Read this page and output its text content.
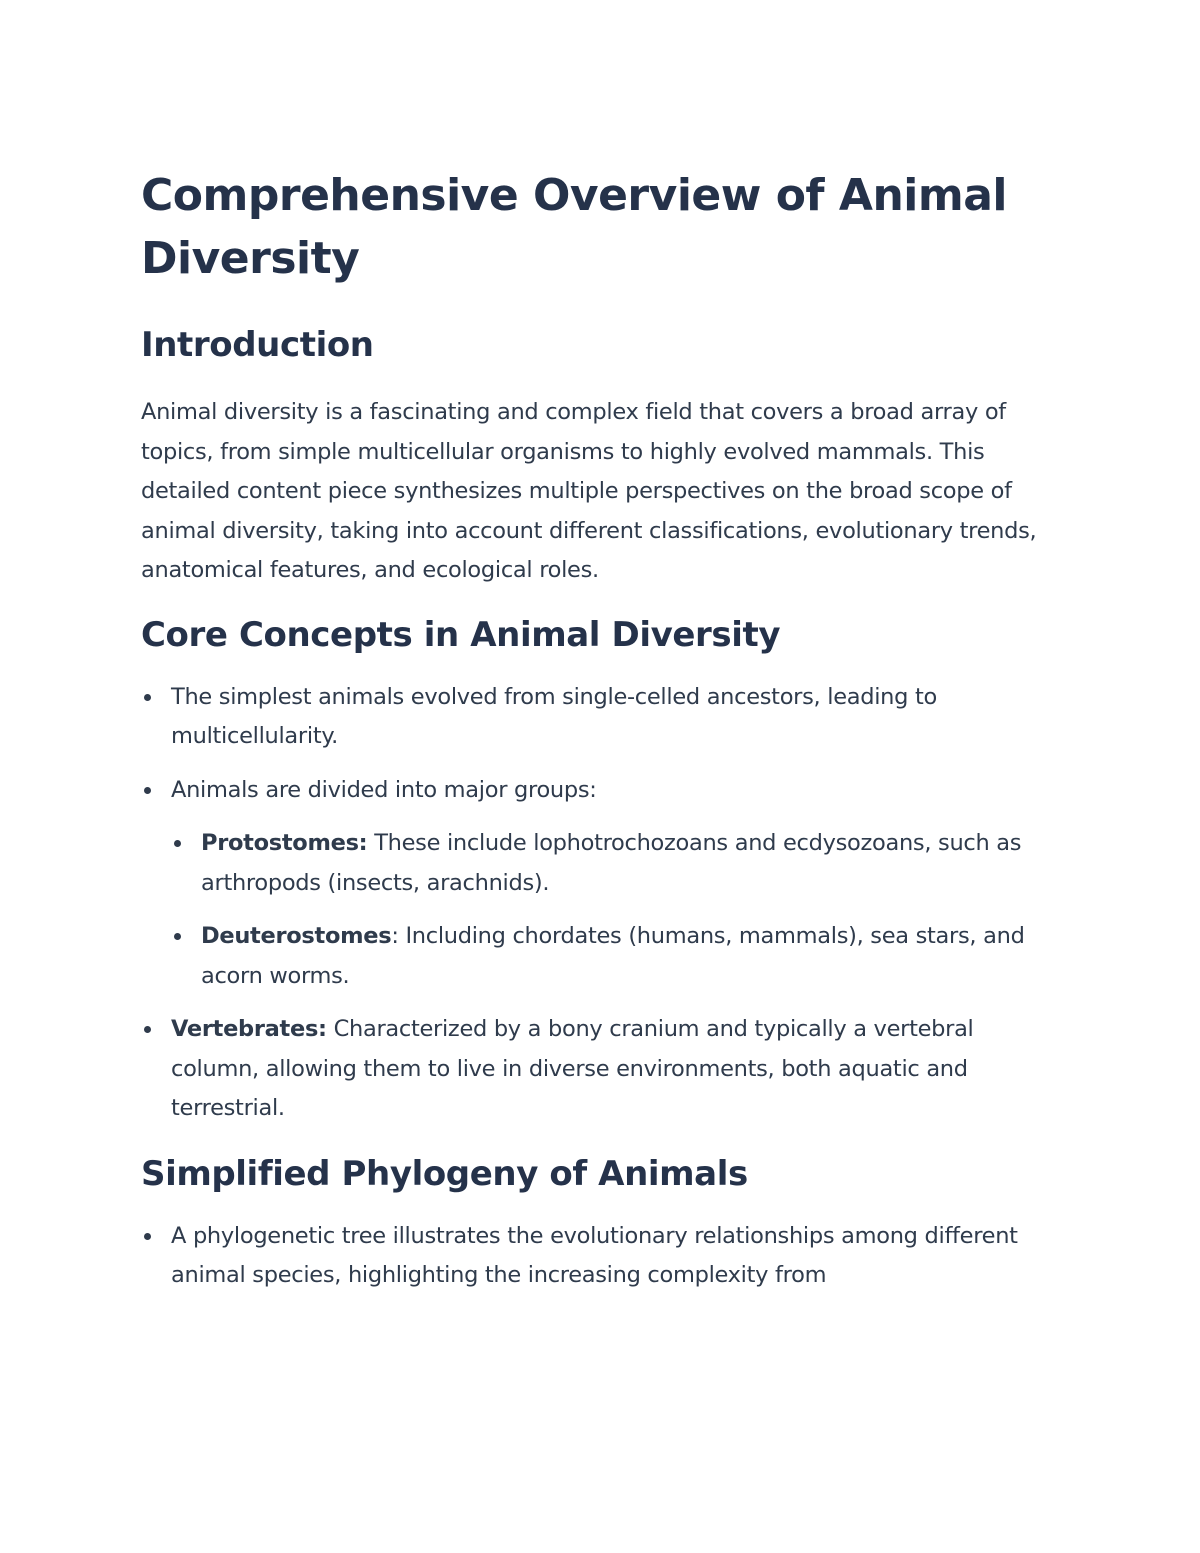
Comprehensive Overview of Animal Diversity
Introduction

Animal diversity is a fascinating and complex field that covers a broad array of topics, from simple multicellular organisms to highly evolved mammals. This detailed content piece synthesizes multiple perspectives on the broad scope of animal diversity, taking into account different classifications, evolutionary trends, anatomical features, and ecological roles.

Core Concepts in Animal Diversity
The simplest animals evolved from single-celled ancestors, leading to multicellularity.
Animals are divided into major groups:
Protostomes: These include lophotrochozoans and ecdysozoans, such as arthropods (insects, arachnids).
Deuterostomes: Including chordates (humans, mammals), sea stars, and acorn worms.
Vertebrates: Characterized by a bony cranium and typically a vertebral column, allowing them to live in diverse environments, both aquatic and terrestrial.
Simplified Phylogeny of Animals
A phylogenetic tree illustrates the evolutionary relationships among different animal species, highlighting the increasing complexity from
